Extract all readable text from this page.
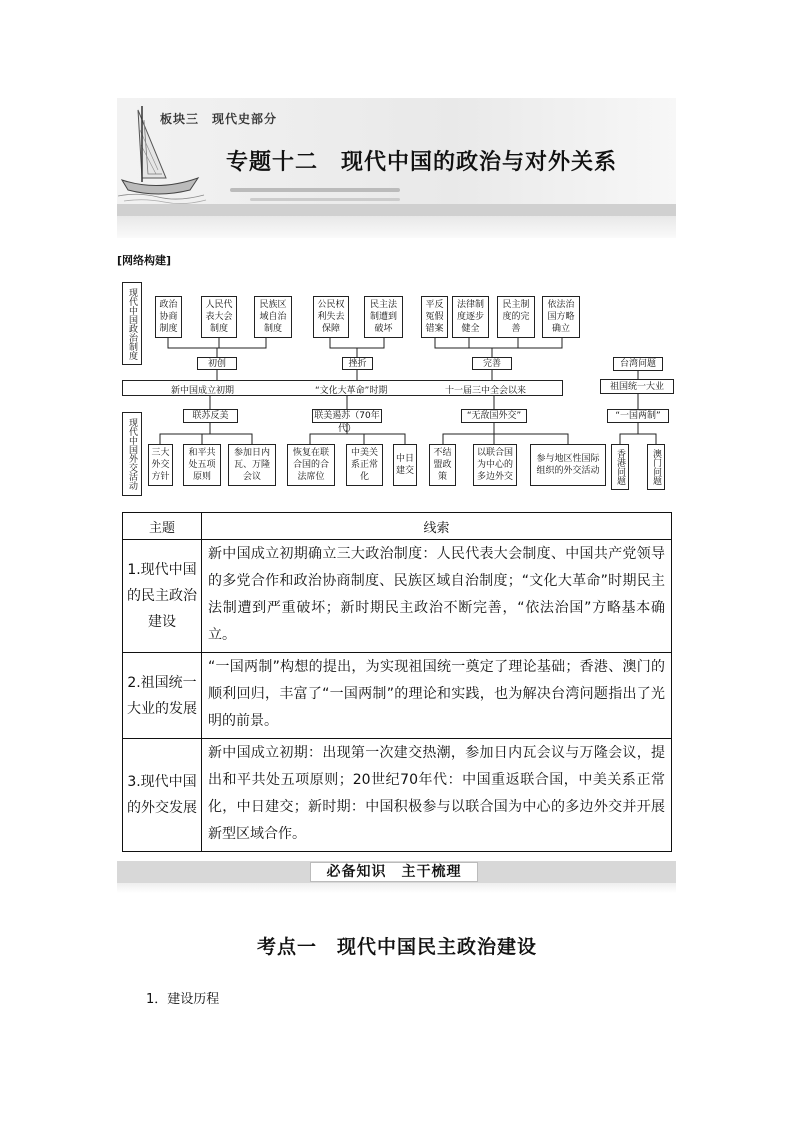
板块三　现代史部分
专题十二　现代中国的政治与对外关系
[网络构建]
现代中国政治制度
现代中国外交活动
政治协商制度
人民代表大会制度
民族区域自治制度
公民权利失去保障
民主法制遭到破坏
平反冤假错案
法律制度逐步健全
民主制度的完善
依法治国方略确立
初创	挫折	完善
新中国成立初期	“文化大革命”时期	十一届三中全会以来
联苏反美	联美遏苏（70年代）
“无敌国外交”
三大外交方针
和平共处五项原则
参加日内瓦、万隆会议
恢复在联合国的合法席位
中美关系正常化
中日建交
不结盟政策
以联合国为中心的多边外交
参与地区性国际组织的外交活动
台湾问题
祖国统一大业
“一国两制”
香港问题	澳门问题
主题	线索
1.现代中国的民主政治建设	新中国成立初期确立三大政治制度：人民代表大会制度、中国共产党领导的多党合作和政治协商制度、民族区域自治制度；“文化大革命”时期民主法制遭到严重破坏；新时期民主政治不断完善，“依法治国”方略基本确立。
2.祖国统一大业的发展	“一国两制”构想的提出，为实现祖国统一奠定了理论基础；香港、澳门的顺利回归，丰富了“一国两制”的理论和实践，也为解决台湾问题指出了光明的前景。
3.现代中国的外交发展	新中国成立初期：出现第一次建交热潮，参加日内瓦会议与万隆会议，提出和平共处五项原则；20世纪70年代：中国重返联合国，中美关系正常化，中日建交；新时期：中国积极参与以联合国为中心的多边外交并开展新型区域合作。
必备知识　主干梳理
考点一　现代中国民主政治建设
1．建设历程
